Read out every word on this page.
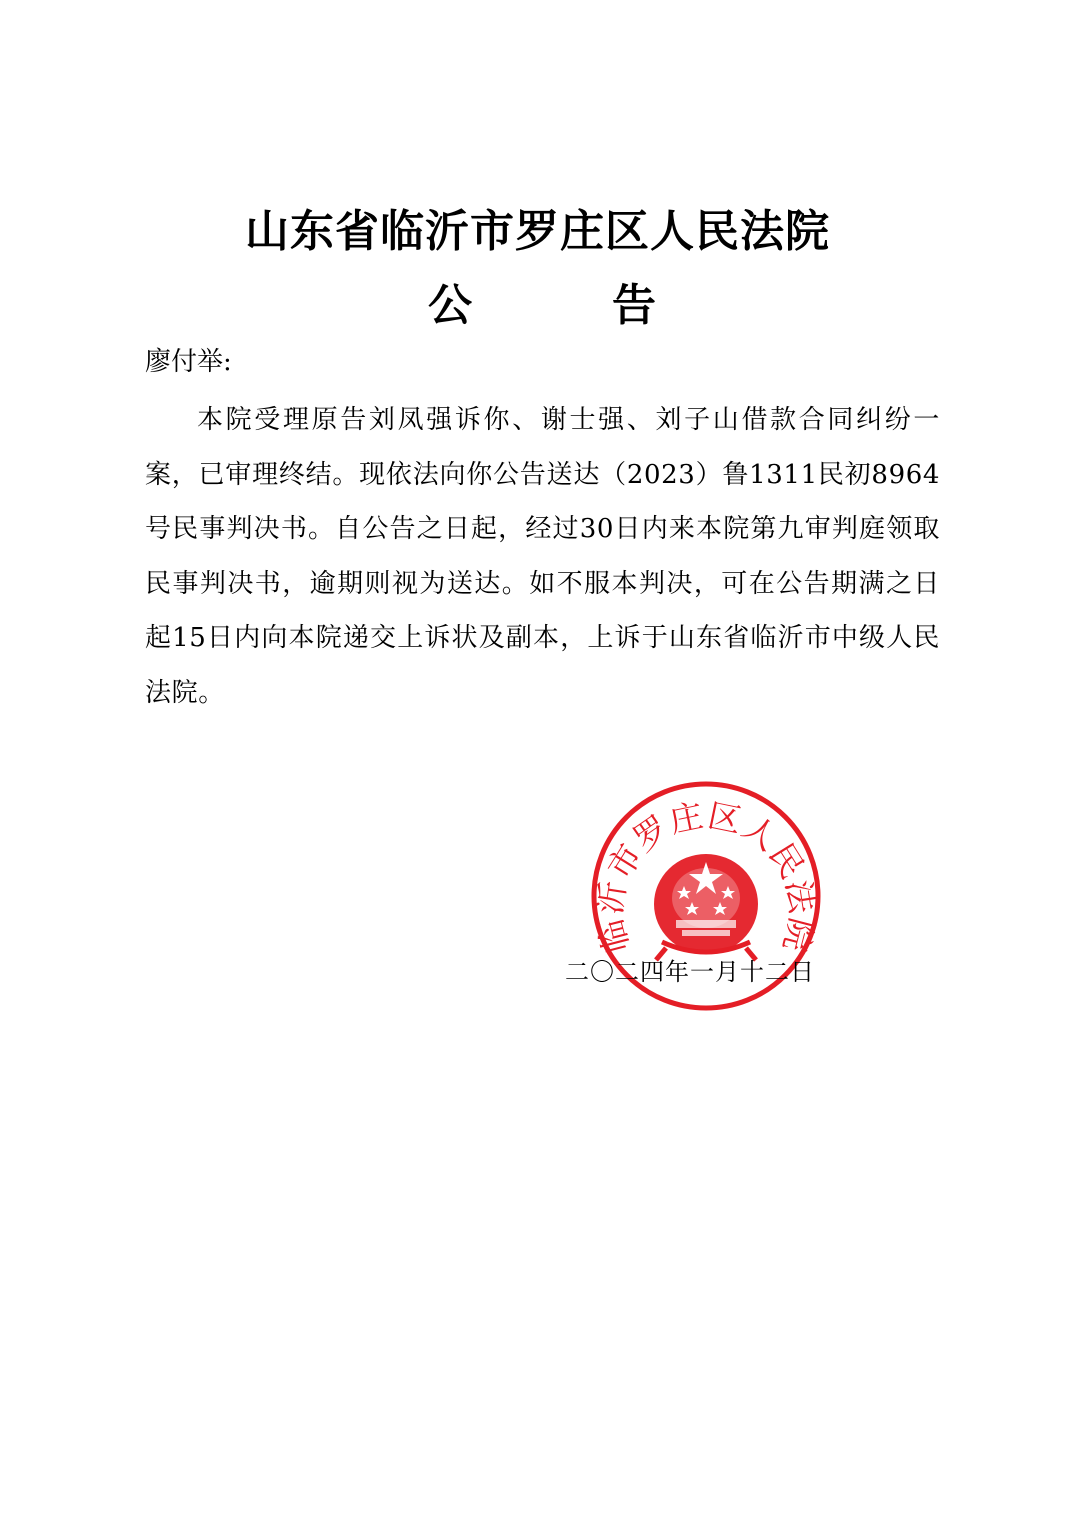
山东省临沂市罗庄区人民法院
公	告
廖付举:
本院受理原告刘凤强诉你、谢士强、刘子山借款合同纠纷一案，已审理终结。现依法向你公告送达（2023）鲁1311民初8964号民事判决书。自公告之日起，经过30日内来本院第九审判庭领取民事判决书，逾期则视为送达。如不服本判决，可在公告期满之日起15日内向本院递交上诉状及副本，上诉于山东省临沂市中级人民法院。
二〇二四年一月十二日
临沂市罗庄区人民法院
